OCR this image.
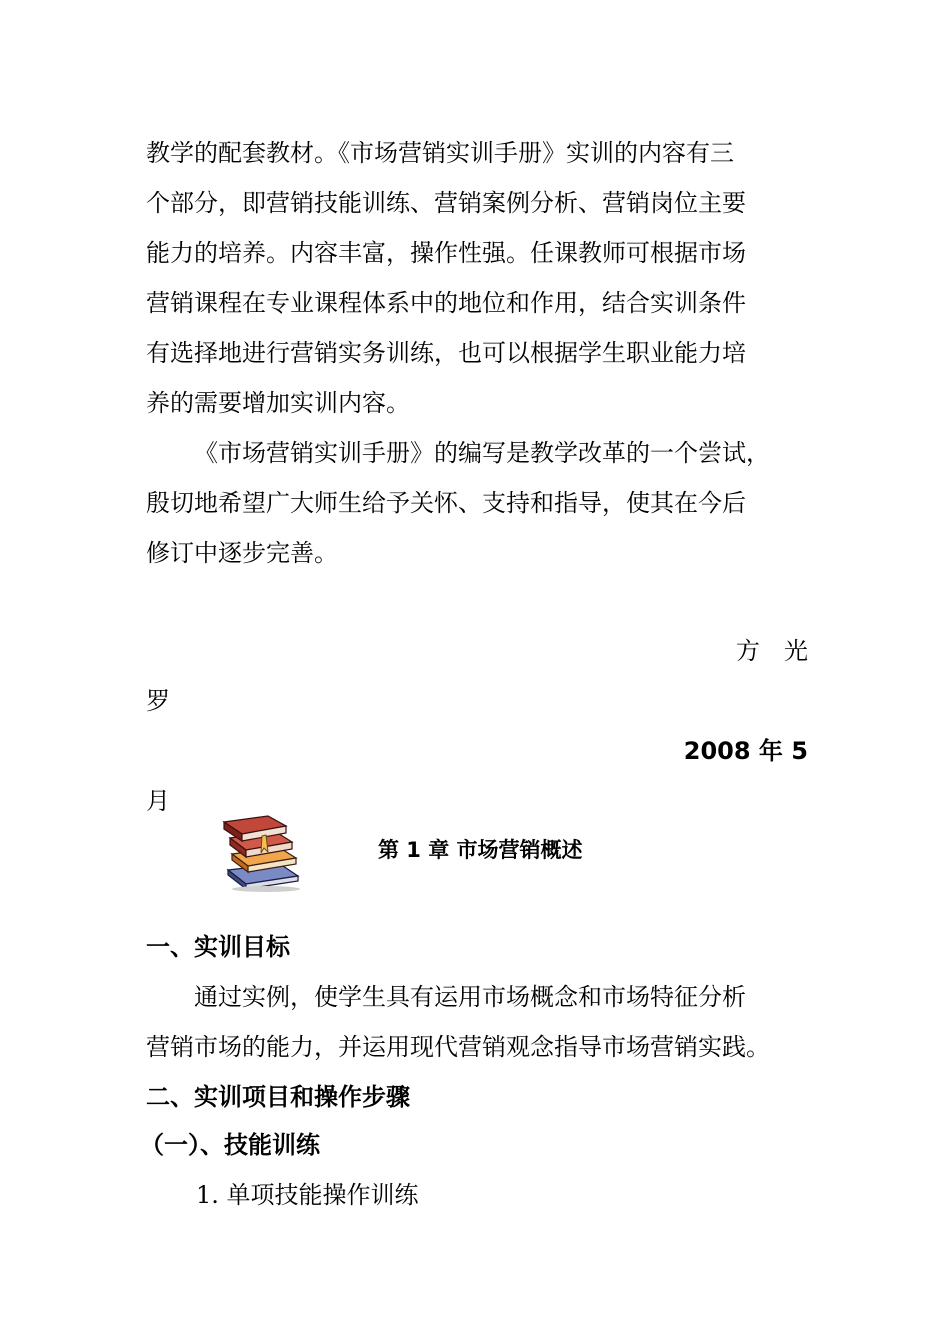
教学的配套教材。《市场营销实训手册》实训的内容有三
个部分，即营销技能训练、营销案例分析、营销岗位主要
能力的培养。内容丰富，操作性强。任课教师可根据市场
营销课程在专业课程体系中的地位和作用，结合实训条件
有选择地进行营销实务训练，也可以根据学生职业能力培
养的需要增加实训内容。
《市场营销实训手册》的编写是教学改革的一个尝试，
殷切地希望广大师生给予关怀、支持和指导，使其在今后
修订中逐步完善。
方　光
罗
2008 年 5
月
第 1 章 市场营销概述
一、实训目标
通过实例，使学生具有运用市场概念和市场特征分析
营销市场的能力，并运用现代营销观念指导市场营销实践。
二、实训项目和操作步骤
（一）、技能训练
1. 单项技能操作训练
